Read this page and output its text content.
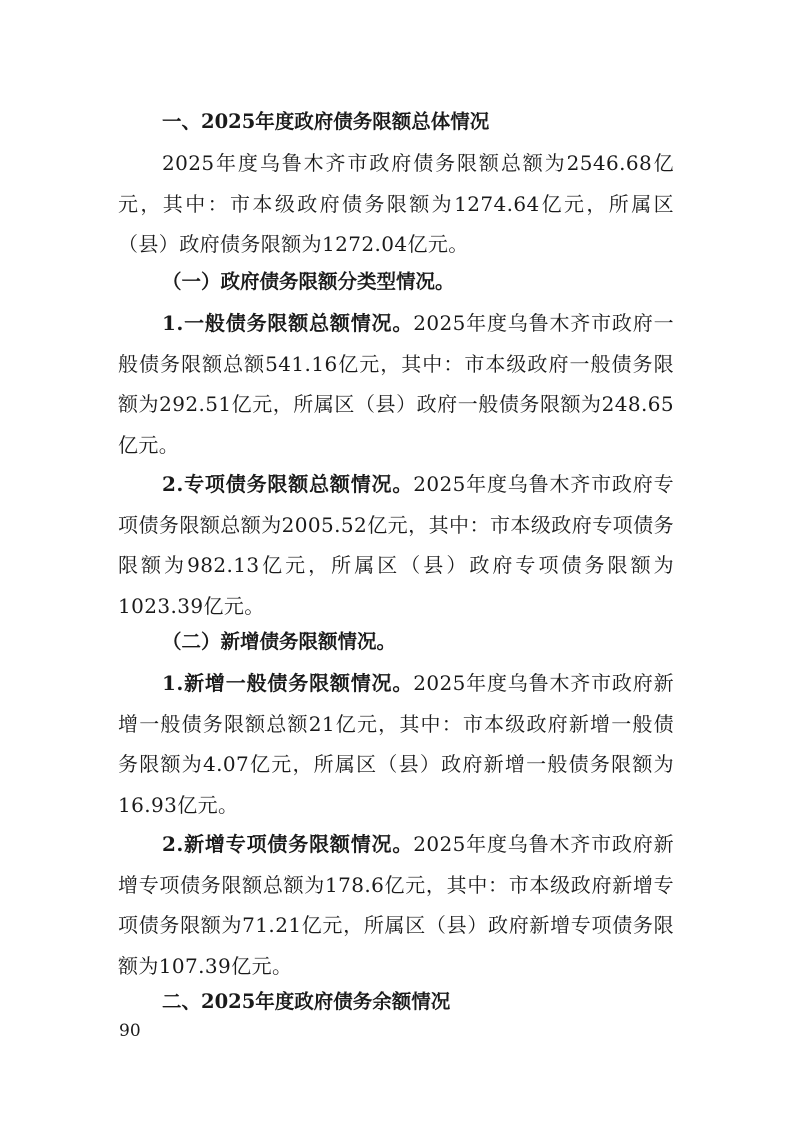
一、2025年度政府债务限额总体情况

2025年度乌鲁木齐市政府债务限额总额为2546.68亿元，其中：市本级政府债务限额为1274.64亿元，所属区（县）政府债务限额为1272.04亿元。

（一）政府债务限额分类型情况。

1.一般债务限额总额情况。2025年度乌鲁木齐市政府一般债务限额总额541.16亿元，其中：市本级政府一般债务限额为292.51亿元，所属区（县）政府一般债务限额为248.65亿元。

2.专项债务限额总额情况。2025年度乌鲁木齐市政府专项债务限额总额为2005.52亿元，其中：市本级政府专项债务限额为982.13亿元，所属区（县）政府专项债务限额为1023.39亿元。

（二）新增债务限额情况。

1.新增一般债务限额情况。2025年度乌鲁木齐市政府新增一般债务限额总额21亿元，其中：市本级政府新增一般债务限额为4.07亿元，所属区（县）政府新增一般债务限额为16.93亿元。

2.新增专项债务限额情况。2025年度乌鲁木齐市政府新增专项债务限额总额为178.6亿元，其中：市本级政府新增专项债务限额为71.21亿元，所属区（县）政府新增专项债务限额为107.39亿元。

二、2025年度政府债务余额情况
90
